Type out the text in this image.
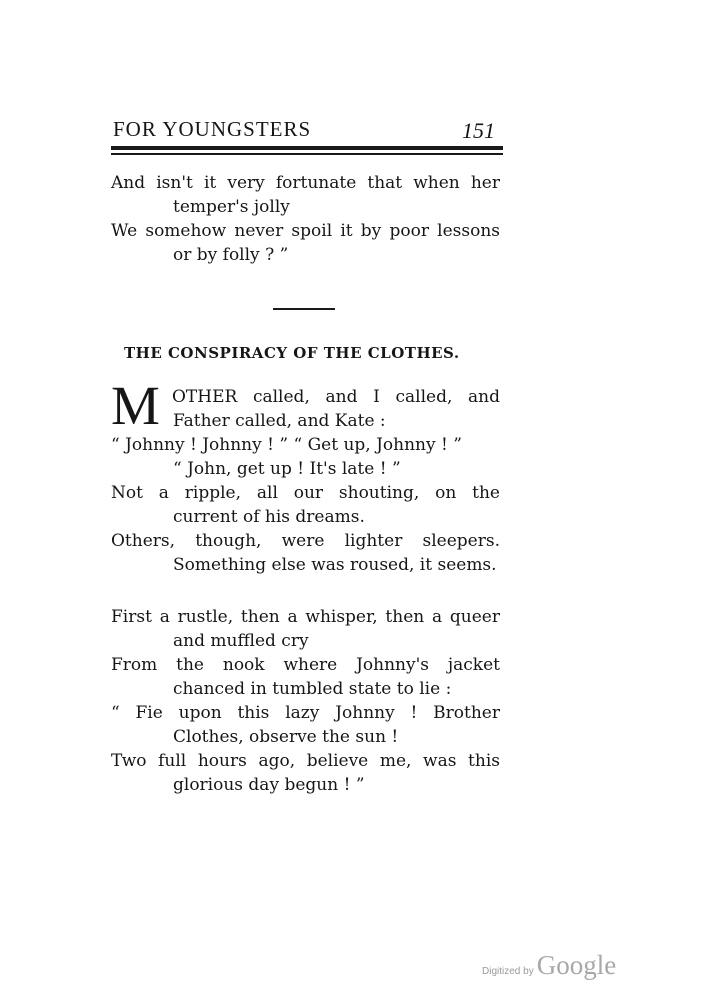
FOR YOUNGSTERS	151
And isn't it very fortunate that when her
temper's jolly
We somehow never spoil it by poor lessons
or by folly ? ”
THE CONSPIRACY OF THE CLOTHES.
M OTHER called, and I called, and
Father called, and Kate :
“ Johnny ! Johnny ! ” “ Get up, Johnny ! ”
“ John, get up ! It's late ! ”
Not a ripple, all our shouting, on the
current of his dreams.
Others, though, were lighter sleepers.
Something else was roused, it seems.
First a rustle, then a whisper, then a queer
and muffled cry
From the nook where Johnny's jacket
chanced in tumbled state to lie :
“ Fie upon this lazy Johnny ! Brother
Clothes, observe the sun !
Two full hours ago, believe me, was this
glorious day begun ! ”
Digitized by Google
